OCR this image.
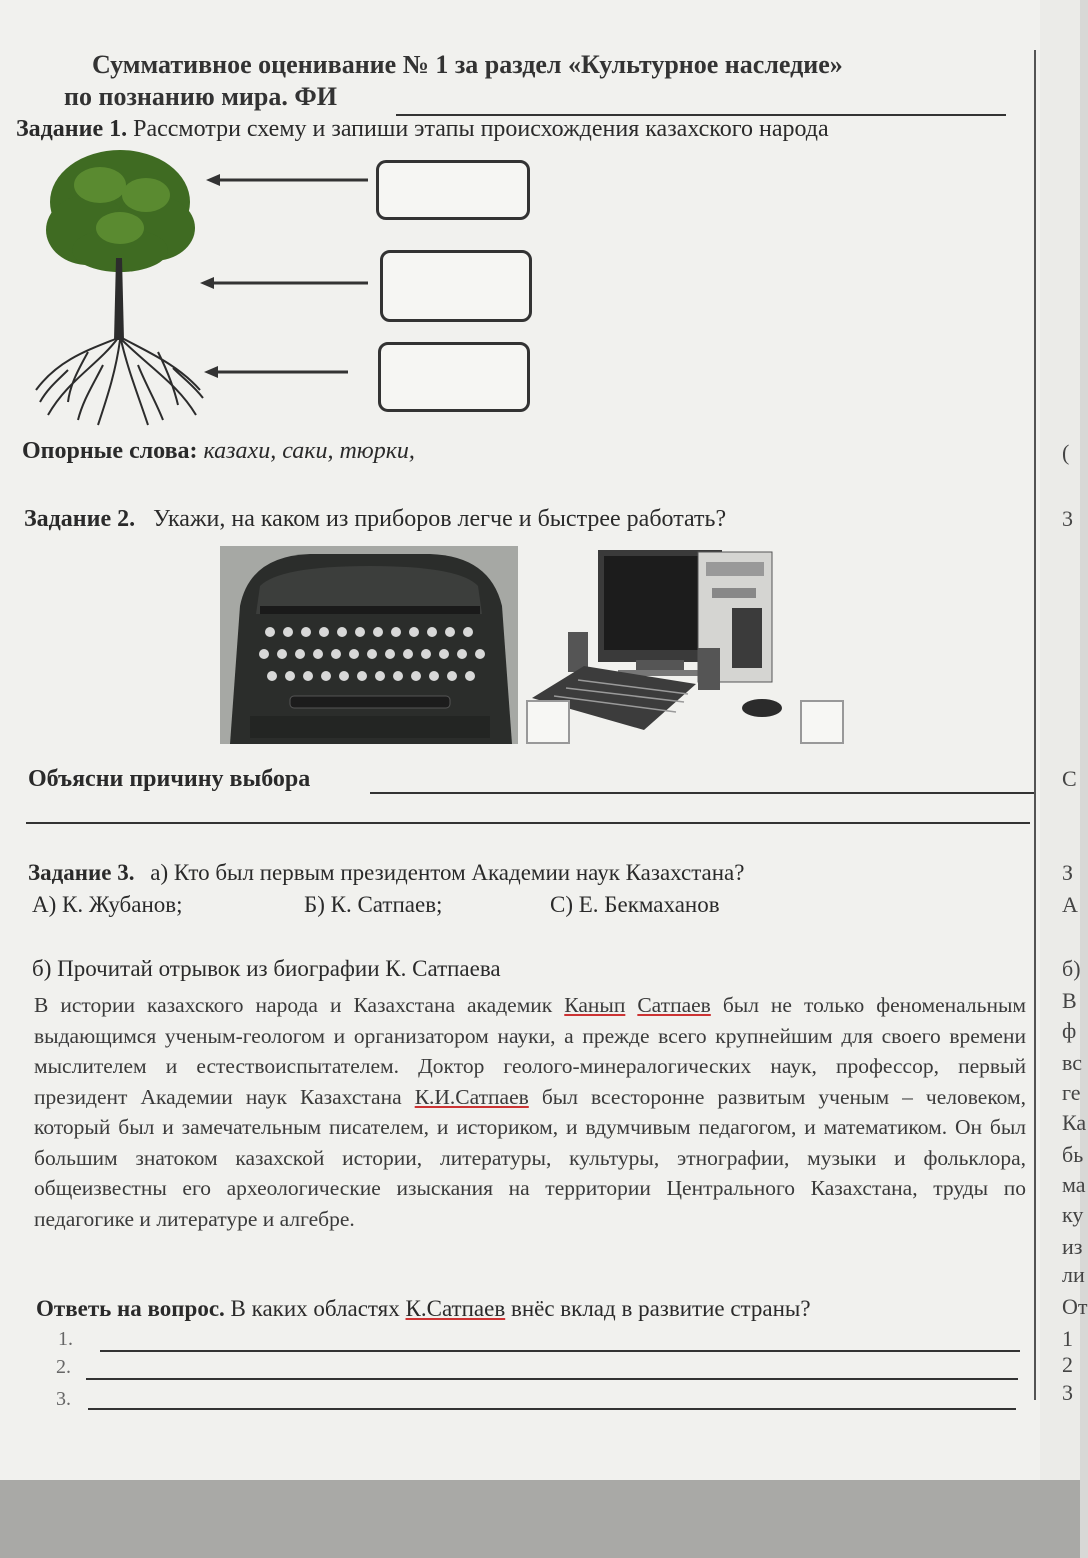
Суммативное оценивание № 1 за раздел «Культурное наследие»
по познанию мира. ФИ
Задание 1. Рассмотри схему и запиши этапы происхождения казахского народа
Опорные слова: казахи, саки, тюрки,
Задание 2. Укажи, на каком из приборов легче и быстрее работать?
Объясни причину выбора
Задание 3. а) Кто был первым президентом Академии наук Казахстана?
А) К. Жубанов;	Б) К. Сатпаев;	С) Е. Бекмаханов
б) Прочитай отрывок из биографии К. Сатпаева
В истории казахского народа и Казахстана академик Канып Сатпаев был не только феноменальным выдающимся ученым-геологом и организатором науки, а прежде всего крупнейшим для своего времени мыслителем и естествоиспытателем. Доктор геолого-минералогических наук, профессор, первый президент Академии наук Казахстана К.И.Сатпаев был всесторонне развитым ученым – человеком, который был и замечательным писателем, и историком, и вдумчивым педагогом, и математиком. Он был большим знатоком казахской истории, литературы, культуры, этнографии, музыки и фольклора, общеизвестны его археологические изыскания на территории Центрального Казахстана, труды по педагогике и литературе и алгебре.
Ответь на вопрос. В каких областях К.Сатпаев внёс вклад в развитие страны?
1.
2.
3.
(
3
С
З
А
б)
В
ф
вс
ге
Ка
бь
ма
ку
из
ли
От
1
2
3
